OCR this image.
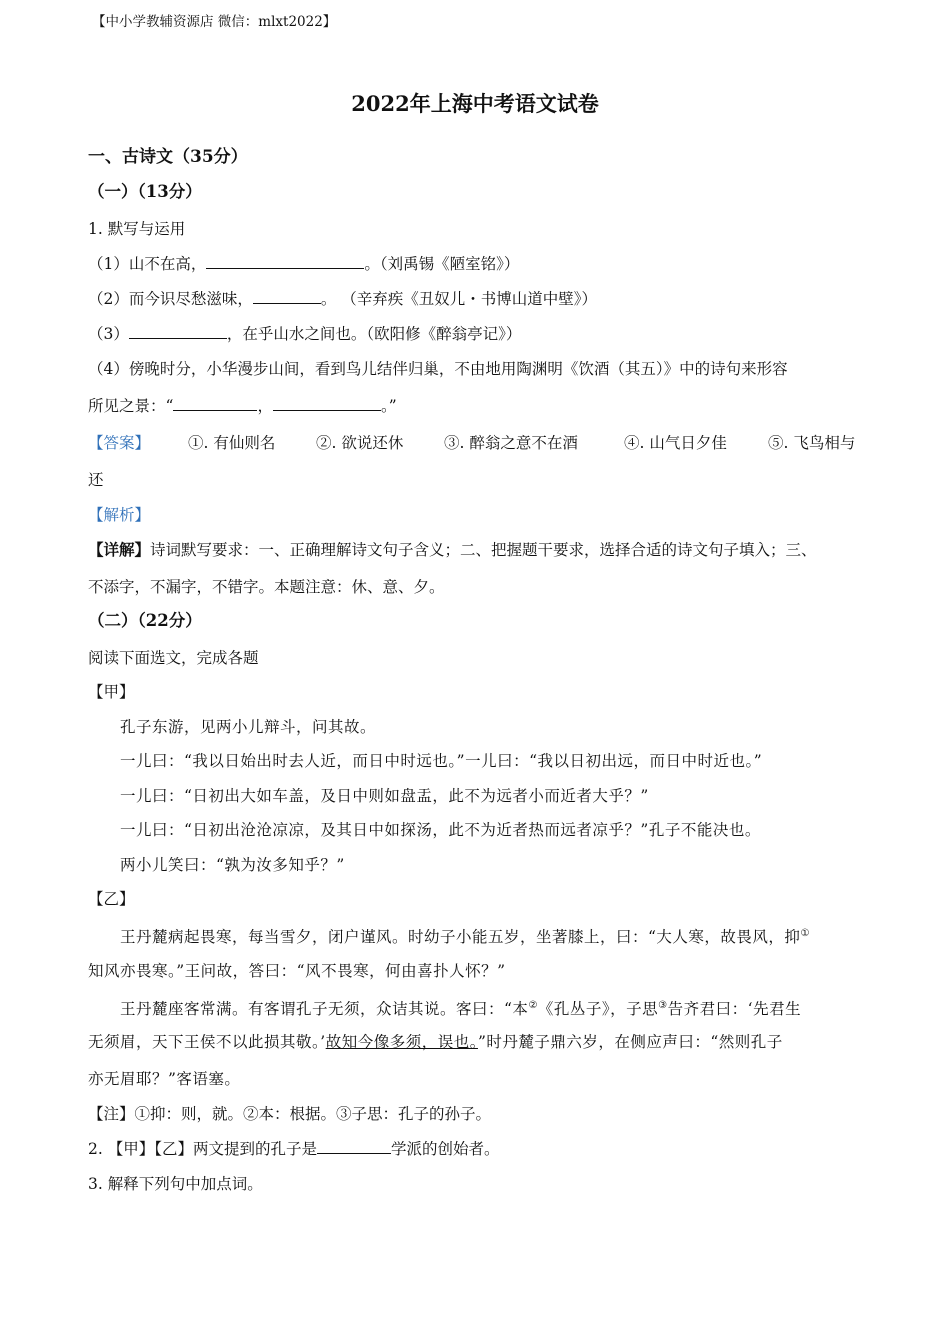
【中小学教辅资源店 微信：mlxt2022】
2022年上海中考语文试卷
一、古诗文（35分）
（一）（13分）
1. 默写与运用
（1）山不在高，	。（刘禹锡《陋室铭》）
（2）而今识尽愁滋味，	。 （辛弃疾《丑奴儿・书博山道中壁》）
（3）	，在乎山水之间也。（欧阳修《醉翁亭记》）
（4）傍晚时分，小华漫步山间，看到鸟儿结伴归巢，不由地用陶渊明《饮酒（其五）》中的诗句来形容
所见之景：“	，	。”
【答案】 ①. 有仙则名	②. 欲说还休	③. 醉翁之意不在酒	④. 山气日夕佳	⑤. 飞鸟相与
还
【解析】
【详解】诗词默写要求：一、正确理解诗文句子含义；二、把握题干要求，选择合适的诗文句子填入；三、
不添字，不漏字，不错字。本题注意：休、意、夕。
（二）（22分）
阅读下面选文，完成各题
【甲】
孔子东游，见两小儿辩斗，问其故。
一儿曰：“我以日始出时去人近，而日中时远也。”一儿曰：“我以日初出远，而日中时近也。”
一儿曰：“日初出大如车盖，及日中则如盘盂，此不为远者小而近者大乎？”
一儿曰：“日初出沧沧凉凉，及其日中如探汤，此不为近者热而远者凉乎？”孔子不能决也。
两小儿笑曰：“孰为汝多知乎？”
【乙】
王丹麓病起畏寒，每当雪夕，闭户谨风。时幼子小能五岁，坐著膝上，曰：“大人寒，故畏风，抑①
知风亦畏寒。”王问故，答曰：“风不畏寒，何由喜扑人怀？”
王丹麓座客常满。有客谓孔子无须，众诘其说。客曰：“本②《孔丛子》，子思③告齐君曰：‘先君生
无须眉，天下王侯不以此损其敬。’故知今像多须，误也。”时丹麓子鼎六岁，在侧应声曰：“然则孔子
亦无眉耶？”客语塞。
【注】①抑：则，就。②本：根据。③子思：孔子的孙子。
2. 【甲】【乙】两文提到的孔子是	学派的创始者。
3. 解释下列句中加点词。
